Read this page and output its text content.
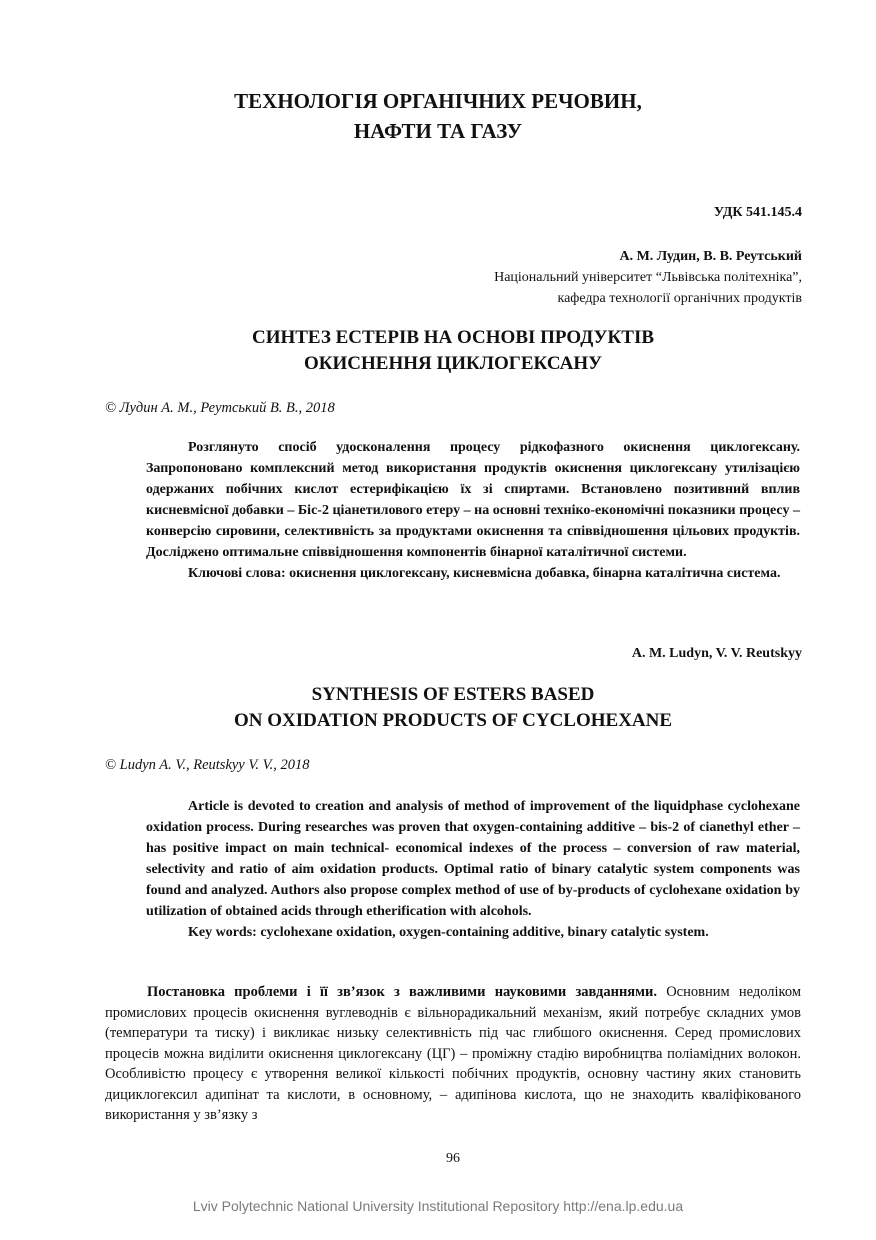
ТЕХНОЛОГІЯ ОРГАНІЧНИХ РЕЧОВИН,
НАФТИ ТА ГАЗУ
УДК 541.145.4
А. М. Лудин, В. В. Реутський
Національний університет “Львівська політехніка”,
кафедра технології органічних продуктів
СИНТЕЗ ЕСТЕРІВ НА ОСНОВІ ПРОДУКТІВ
ОКИСНЕННЯ ЦИКЛОГЕКСАНУ
© Лудин А. М., Реутський В. В., 2018

Розглянуто спосіб удосконалення процесу рідкофазного окиснення циклогексану. Запропоновано комплексний метод використання продуктів окиснення циклогексану утилізацією одержаних побічних кислот естерифікацією їх зі спиртами. Встановлено позитивний вплив кисневмісної добавки – Біс-2 ціанетилового етеру – на основні техніко-економічні показники процесу – конверсію сировини, селективність за продуктами окиснення та співвідношення цільових продуктів. Досліджено оптимальне співвідношення компонентів бінарної каталітичної системи.

Ключові слова: окиснення циклогексану, кисневмісна добавка, бінарна каталітична система.

A. M. Ludyn, V. V. Reutskyy
SYNTHESIS OF ESTERS BASED
ON OXIDATION PRODUCTS OF CYCLOHEXANE
© Ludyn A. V., Reutskyy V. V., 2018

Article is devoted to creation and analysis of method of improvement of the liquidphase cyclohexane oxidation process. During researches was proven that oxygen-containing additive – bis-2 of cianethyl ether – has positive impact on main technical- economical indexes of the process – conversion of raw material, selectivity and ratio of aim oxidation products. Optimal ratio of binary catalytic system components was found and analyzed. Authors also propose complex method of use of by-products of cyclohexane oxidation by utilization of obtained acids through etherification with alcohols.

Key words: cyclohexane oxidation, oxygen-containing additive, binary catalytic system.

Постановка проблеми і її зв’язок з важливими науковими завданнями. Основним недоліком промислових процесів окиснення вуглеводнів є вільнорадикальний механізм, який потребує складних умов (температури та тиску) і викликає низьку селективність під час глибшого окиснення. Серед промислових процесів можна виділити окиснення циклогексану (ЦГ) – проміжну стадію виробництва поліамідних волокон. Особливістю процесу є утворення великої кількості побічних продуктів, основну частину яких становить дициклогексил адипінат та кислоти, в основному, – адипінова кислота, що не знаходить кваліфікованого використання у зв’язку з

96
Lviv Polytechnic National University Institutional Repository http://ena.lp.edu.ua
